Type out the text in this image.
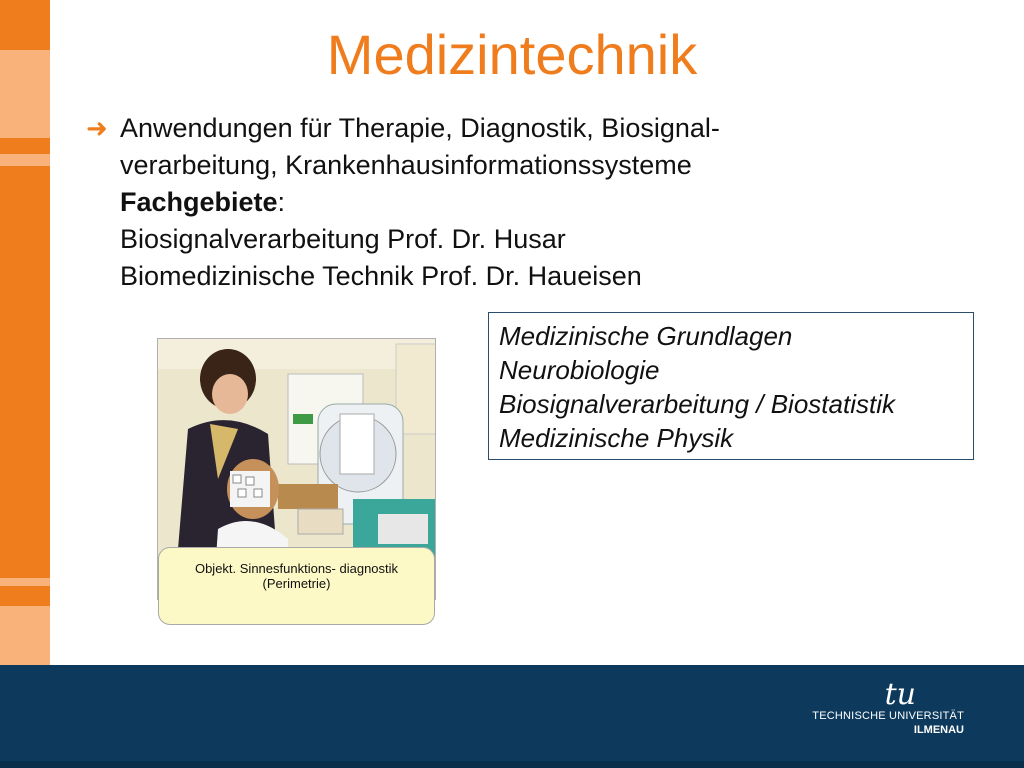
Medizintechnik
➜ Anwendungen für Therapie, Diagnostik, Biosignal-
verarbeitung, Krankenhausinformationssysteme
Fachgebiete:
Biosignalverarbeitung Prof. Dr. Husar
Biomedizinische Technik Prof. Dr. Haueisen
Medizinische Grundlagen
Neurobiologie
Biosignalverarbeitung / Biostatistik
Medizinische Physik
Objekt. Sinnesfunktions- diagnostik
(Perimetrie)
tu
TECHNISCHE UNIVERSITÄT
ILMENAU
